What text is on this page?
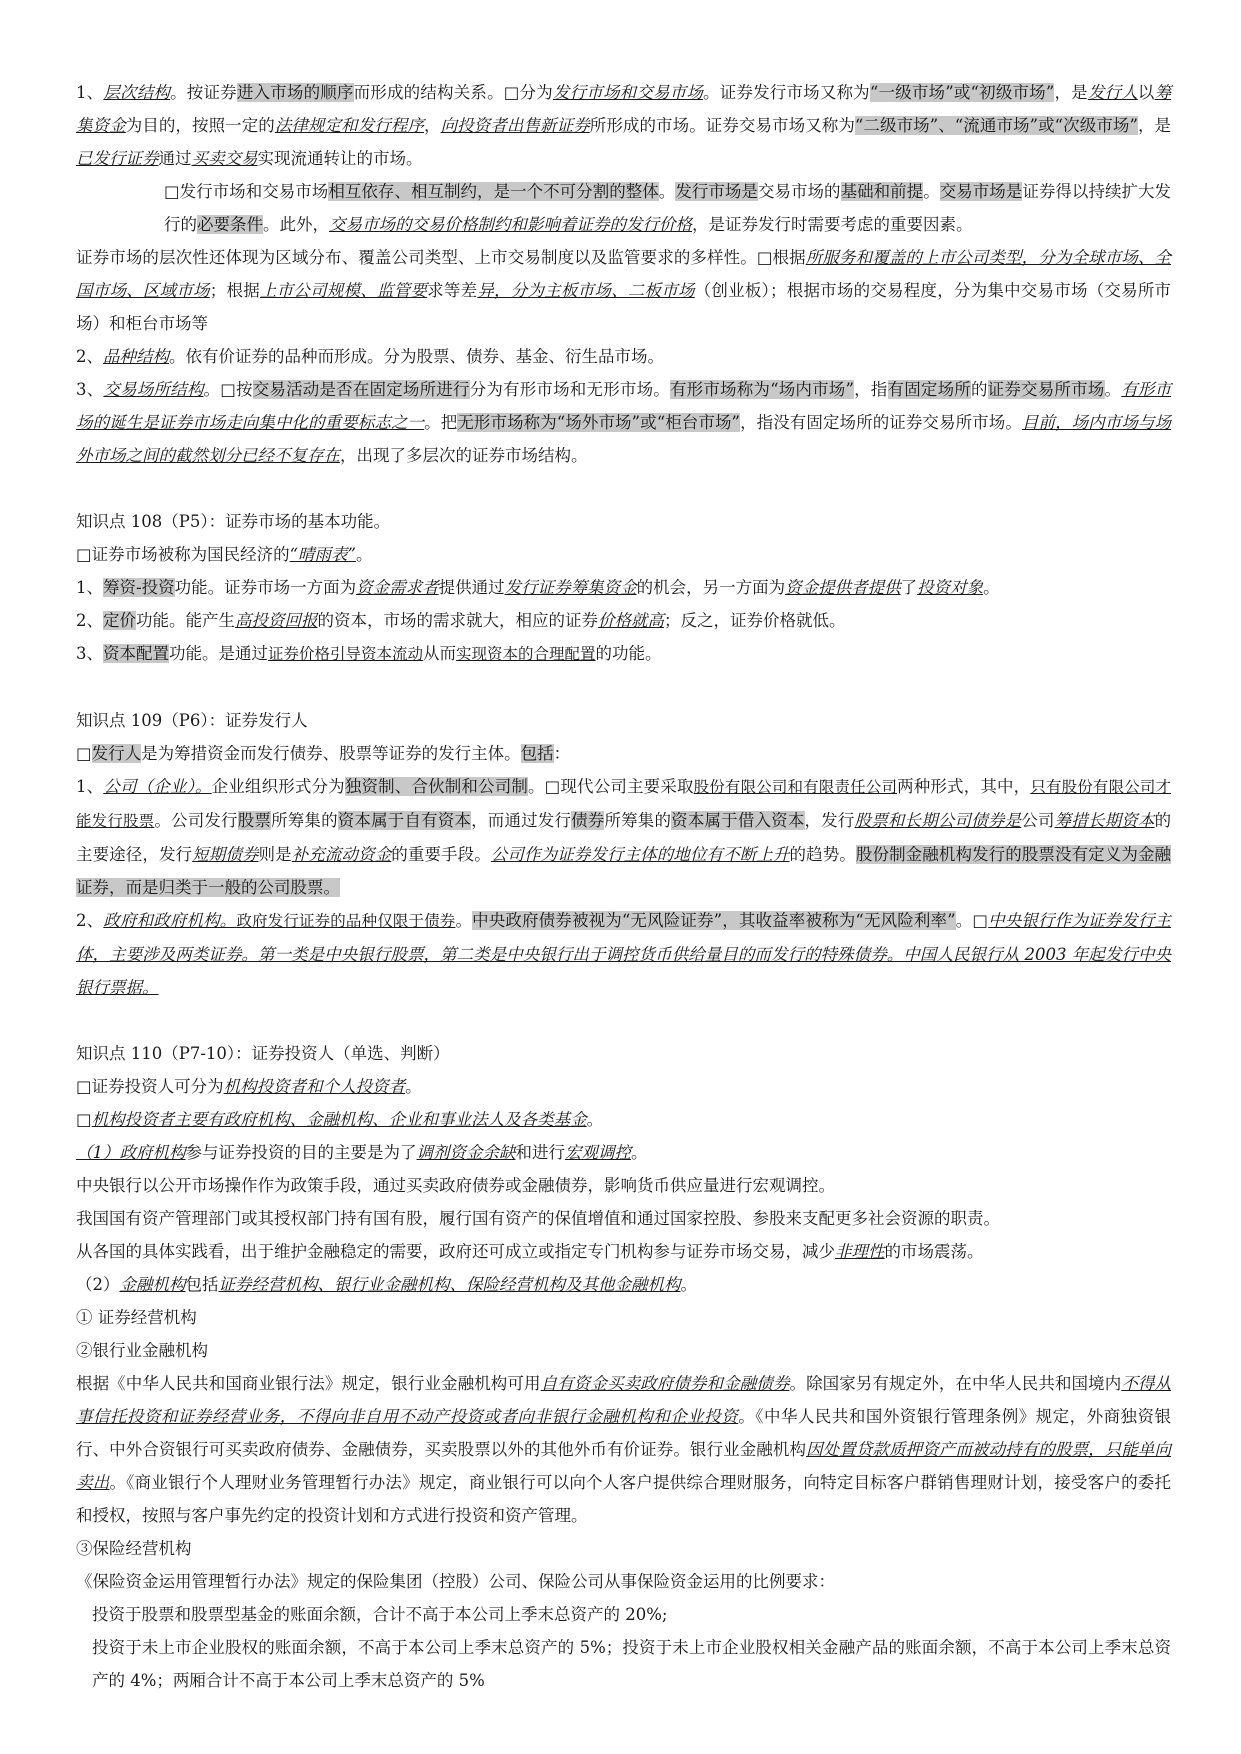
1、层次结构。按证券进入市场的顺序而形成的结构关系。□分为发行市场和交易市场。证券发行市场又称为“一级市场”或“初级市场”，是发行人以筹集资金为目的，按照一定的法律规定和发行程序，向投资者出售新证券所形成的市场。证券交易市场又称为“二级市场”、“流通市场”或“次级市场”，是已发行证券通过买卖交易实现流通转让的市场。

□发行市场和交易市场相互依存、相互制约，是一个不可分割的整体。发行市场是交易市场的基础和前提。交易市场是证券得以持续扩大发行的必要条件。此外，交易市场的交易价格制约和影响着证券的发行价格，是证券发行时需要考虑的重要因素。

证券市场的层次性还体现为区域分布、覆盖公司类型、上市交易制度以及监管要求的多样性。□根据所服务和覆盖的上市公司类型，分为全球市场、全国市场、区域市场；根据上市公司规模、监管要求等差异，分为主板市场、二板市场（创业板）；根据市场的交易程度，分为集中交易市场（交易所市场）和柜台市场等

2、品种结构。依有价证券的品种而形成。分为股票、债券、基金、衍生品市场。

3、交易场所结构。□按交易活动是否在固定场所进行分为有形市场和无形市场。有形市场称为“场内市场”，指有固定场所的证券交易所市场。有形市场的诞生是证券市场走向集中化的重要标志之一。把无形市场称为“场外市场”或“柜台市场”，指没有固定场所的证券交易所市场。目前，场内市场与场外市场之间的截然划分已经不复存在，出现了多层次的证券市场结构。

知识点 108（P5）：证券市场的基本功能。

□证券市场被称为国民经济的“晴雨表”。

1、筹资-投资功能。证券市场一方面为资金需求者提供通过发行证券筹集资金的机会，另一方面为资金提供者提供了投资对象。

2、定价功能。能产生高投资回报的资本，市场的需求就大，相应的证券价格就高；反之，证券价格就低。

3、资本配置功能。是通过证券价格引导资本流动从而实现资本的合理配置的功能。

知识点 109（P6）：证券发行人

□发行人是为筹措资金而发行债券、股票等证券的发行主体。包括：

1、公司（企业）。企业组织形式分为独资制、合伙制和公司制。□现代公司主要采取股份有限公司和有限责任公司两种形式，其中，只有股份有限公司才能发行股票。公司发行股票所筹集的资本属于自有资本，而通过发行债券所筹集的资本属于借入资本，发行股票和长期公司债券是公司筹措长期资本的主要途径，发行短期债券则是补充流动资金的重要手段。公司作为证券发行主体的地位有不断上升的趋势。股份制金融机构发行的股票没有定义为金融证券，而是归类于一般的公司股票。

2、政府和政府机构。政府发行证券的品种仅限于债券。中央政府债券被视为“无风险证券”，其收益率被称为“无风险利率”。□中央银行作为证券发行主体，主要涉及两类证券。第一类是中央银行股票，第二类是中央银行出于调控货币供给量目的而发行的特殊债券。中国人民银行从 2003 年起发行中央银行票据。

知识点 110（P7-10）：证券投资人（单选、判断）

□证券投资人可分为机构投资者和个人投资者。

□机构投资者主要有政府机构、金融机构、企业和事业法人及各类基金。

（1）政府机构参与证券投资的目的主要是为了调剂资金余缺和进行宏观调控。

中央银行以公开市场操作作为政策手段，通过买卖政府债券或金融债券，影响货币供应量进行宏观调控。

我国国有资产管理部门或其授权部门持有国有股，履行国有资产的保值增值和通过国家控股、参股来支配更多社会资源的职责。

从各国的具体实践看，出于维护金融稳定的需要，政府还可成立或指定专门机构参与证券市场交易，减少非理性的市场震荡。

（2）金融机构包括证券经营机构、银行业金融机构、保险经营机构及其他金融机构。

① 证券经营机构

②银行业金融机构

根据《中华人民共和国商业银行法》规定，银行业金融机构可用自有资金买卖政府债券和金融债券。除国家另有规定外，在中华人民共和国境内不得从事信托投资和证券经营业务，不得向非自用不动产投资或者向非银行金融机构和企业投资。《中华人民共和国外资银行管理条例》规定，外商独资银行、中外合资银行可买卖政府债券、金融债券，买卖股票以外的其他外币有价证券。银行业金融机构因处置贷款质押资产而被动持有的股票，只能单向卖出。《商业银行个人理财业务管理暂行办法》规定，商业银行可以向个人客户提供综合理财服务，向特定目标客户群销售理财计划，接受客户的委托和授权，按照与客户事先约定的投资计划和方式进行投资和资产管理。

③保险经营机构

《保险资金运用管理暂行办法》规定的保险集团（控股）公司、保险公司从事保险资金运用的比例要求：

投资于股票和股票型基金的账面余额，合计不高于本公司上季末总资产的 20%;

投资于未上市企业股权的账面余额，不高于本公司上季末总资产的 5%；投资于未上市企业股权相关金融产品的账面余额，不高于本公司上季末总资产的 4%；两厢合计不高于本公司上季末总资产的 5%
